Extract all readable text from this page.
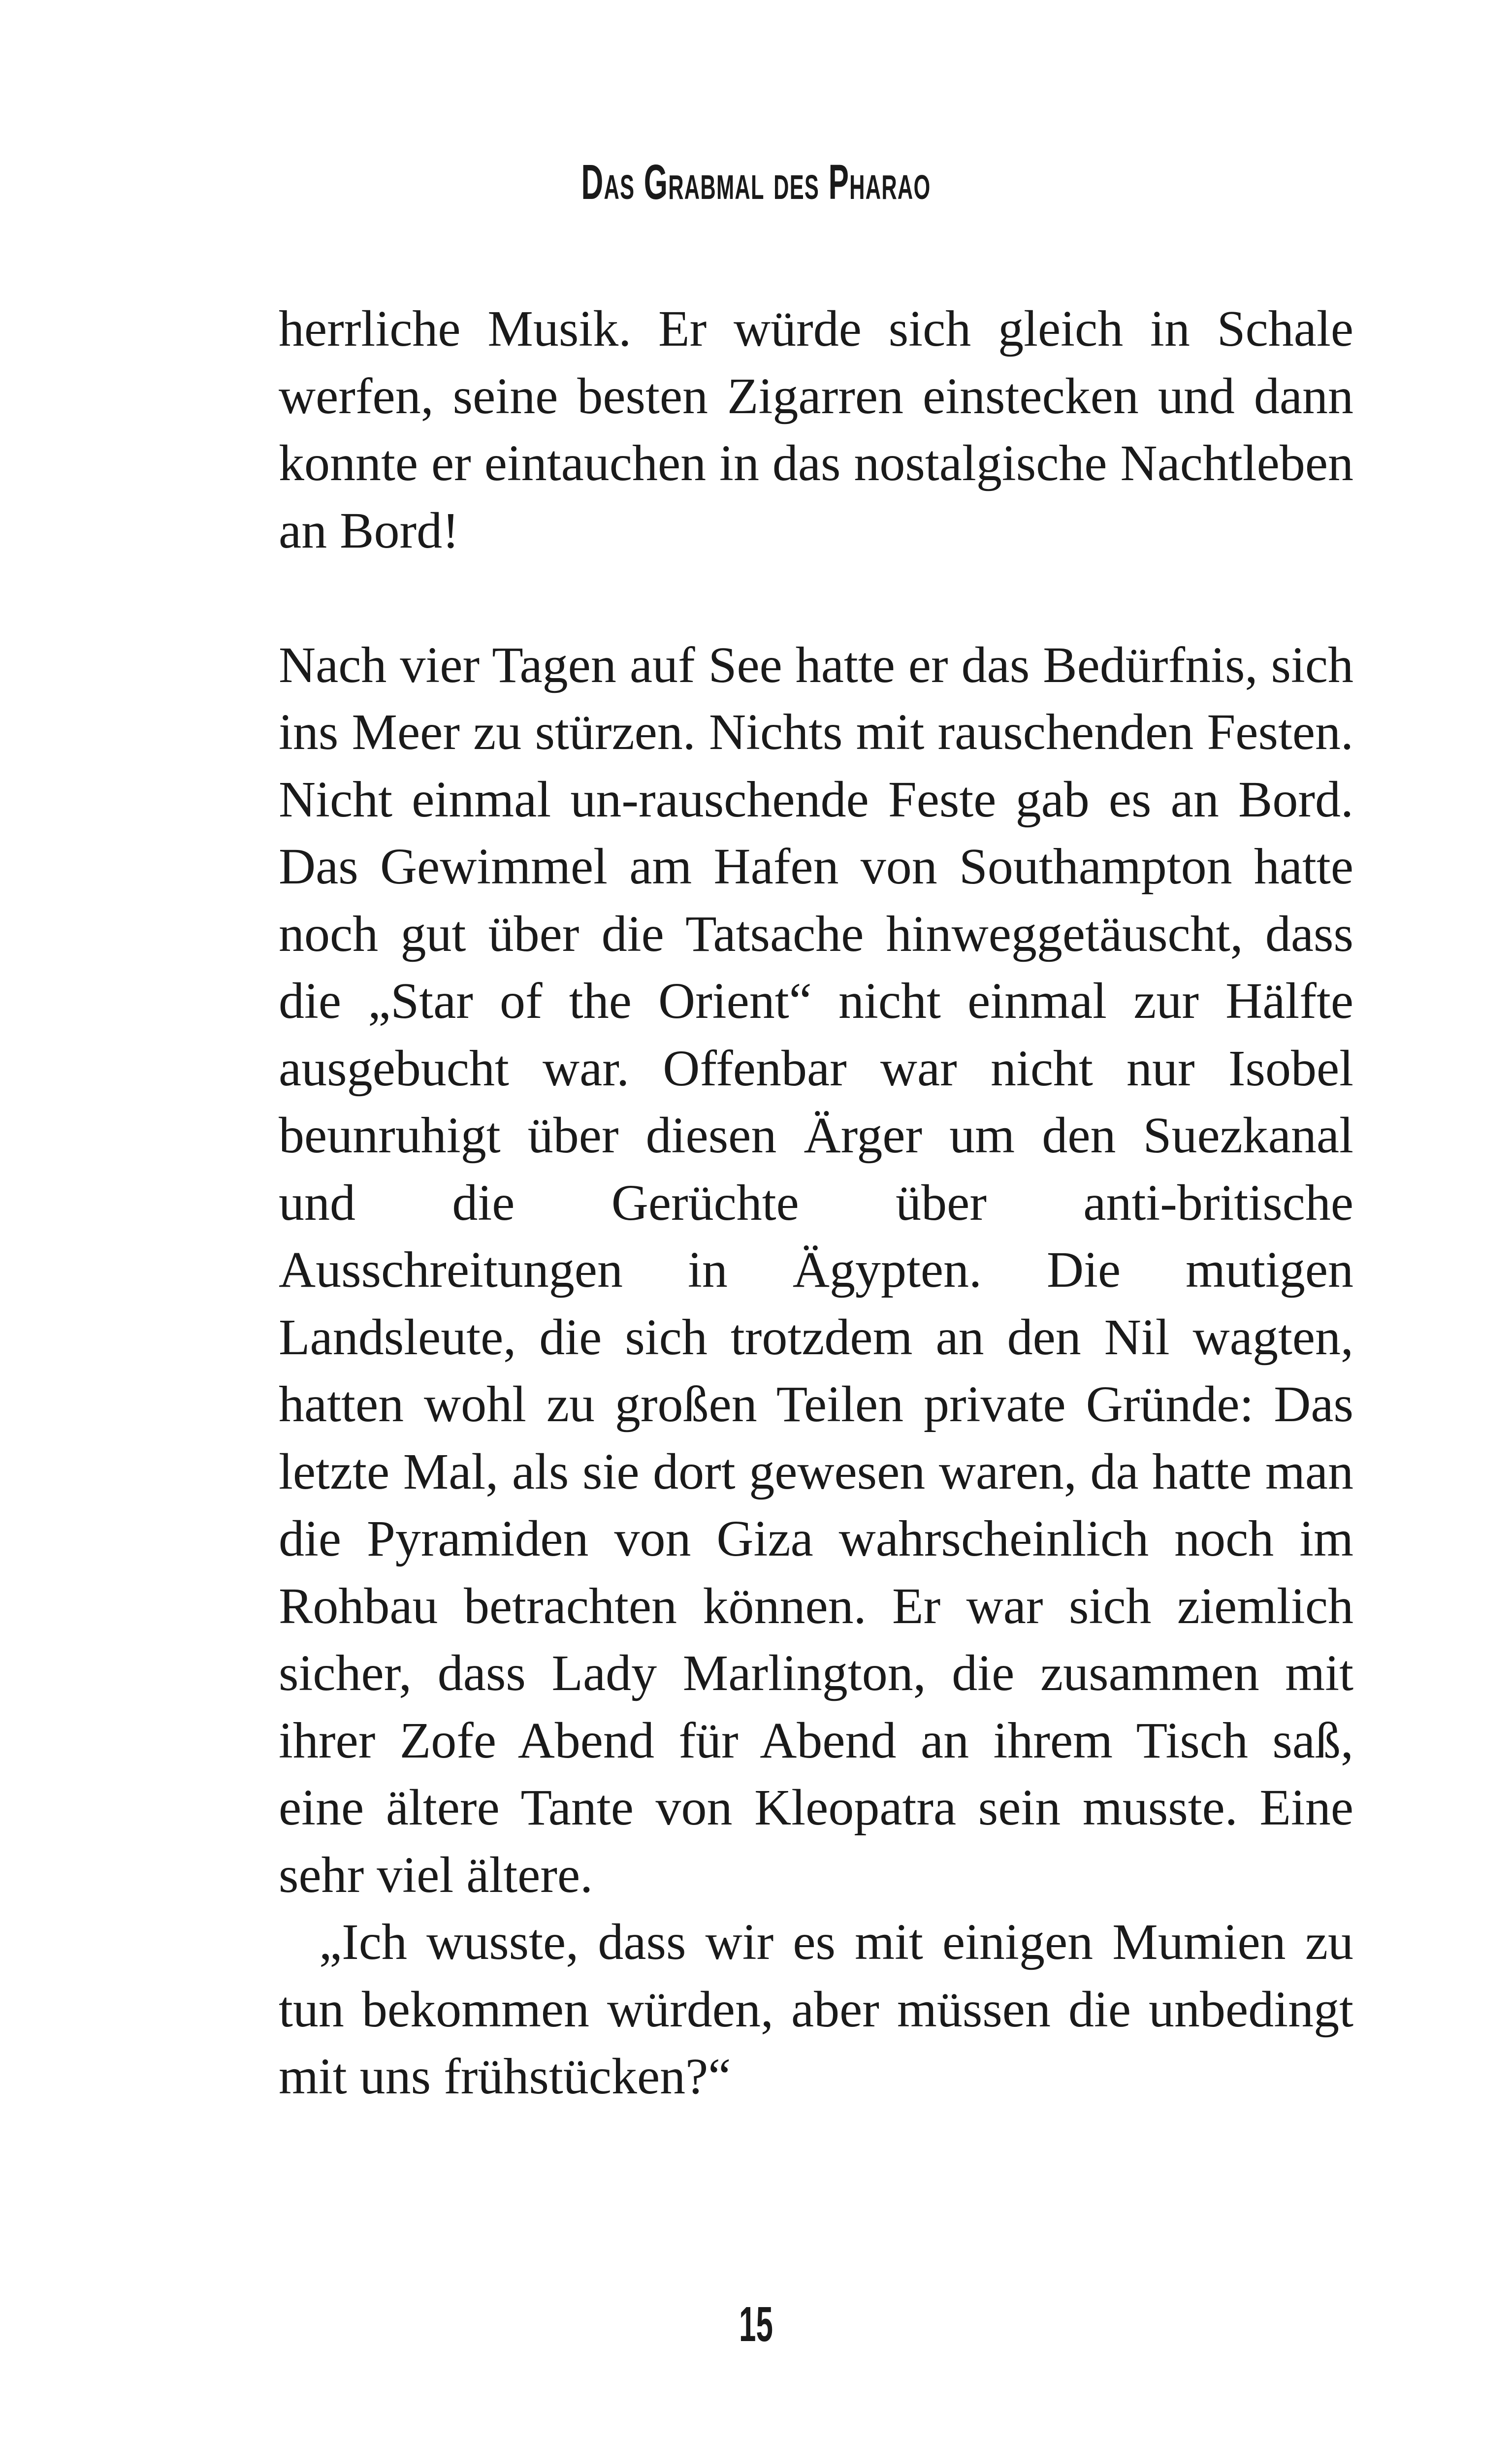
Das Grabmal des Pharao

herrliche Musik. Er würde sich gleich in Schale werfen, seine besten Zigarren einstecken und dann konnte er eintauchen in das nostalgische Nachtleben an Bord!

Nach vier Tagen auf See hatte er das Bedürfnis, sich ins Meer zu stürzen. Nichts mit rauschenden Festen. Nicht einmal un-rauschende Feste gab es an Bord. Das Gewimmel am Hafen von Southampton hatte noch gut über die Tatsache hinweggetäuscht, dass die „Star of the Orient“ nicht einmal zur Hälfte ausgebucht war. Offenbar war nicht nur Isobel beunruhigt über diesen Ärger um den Suezkanal und die Gerüchte über anti-britische Ausschreitungen in Ägypten. Die mutigen Landsleute, die sich trotzdem an den Nil wagten, hatten wohl zu großen Teilen private Gründe: Das letzte Mal, als sie dort gewesen waren, da hatte man die Pyramiden von Giza wahrscheinlich noch im Rohbau betrachten können. Er war sich ziemlich sicher, dass Lady Marlington, die zusammen mit ihrer Zofe Abend für Abend an ihrem Tisch saß, eine ältere Tante von Kleopatra sein musste. Eine sehr viel ältere.

„Ich wusste, dass wir es mit einigen Mumien zu tun bekommen würden, aber müssen die unbedingt mit uns frühstücken?“

15
